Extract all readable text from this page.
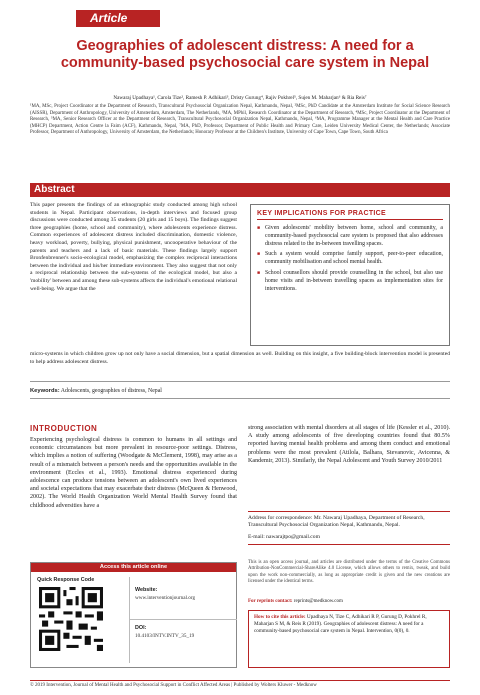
Article
Geographies of adolescent distress: A need for a
community-based psychosocial care system in Nepal
Nawaraj Upadhaya¹, Carola Tize², Ramesh P. Adhikari³, Dristy Gurung⁴, Rajiv Pokhrel⁵, Sujen M. Maharjan⁶ & Ria Reis⁷
¹MA, MSc, Project Coordinator at the Department of Research, Transcultural Psychosocial Organization Nepal, Kathmandu, Nepal, ²MSc, PhD Candidate at the Amsterdam Institute for Social Science Research (AISSR), Department of Anthropology, University of Amsterdam, Amsterdam, The Netherlands, ³MA, MPhil, Research Coordinator at the Department of Research, ⁴MSc, Project Coordinator at the Department of Research, ⁵MA, Senior Research Officer at the Department of Research, Transcultural Psychosocial Organization Nepal, Kathmandu, Nepal, ⁶MA, Programme Manager at the Mental Health and Care Practice (MHCP) Department, Action Centre la Faim (ACF), Kathmandu, Nepal, ⁷MA, PhD, Professor, Department of Public Health and Primary Care, Leiden University Medical Center, the Netherlands; Associate Professor, Department of Anthropology, University of Amsterdam, the Netherlands; Honorary Professor at the Children's Institute, University of Cape Town, Cape Town, South Africa
Abstract
This paper presents the findings of an ethnographic study conducted among high school students in Nepal. Participant observations, in-depth interviews and focused group discussions were conducted among 35 students (20 girls and 15 boys). The findings suggest three geographies (home, school and community), where adolescents experience distress. Common experiences of adolescent distress included discrimination, domestic violence, heavy workload, poverty, bullying, physical punishment, uncooperative behaviour of the parents and teachers and a lack of basic materials. These findings largely support Bronfenbrenner's socio-ecological model, emphasizing the complex reciprocal interactions between the individual and his/her immediate environment. They also suggest that not only a reciprocal relationship between the sub-systems of the ecological model, but also a 'mobility' between and among these sub-systems affects the individual's emotional relational well-being. We argue that the
KEY IMPLICATIONS FOR PRACTICE
■ Given adolescents' mobility between home, school and community, a community-based psychosocial care system is proposed that also addresses distress related to the in-between travelling spaces.
■ Such a system would comprise family support, peer-to-peer education, community mobilisation and school mental health.
■ School counsellors should provide counselling in the school, but also use home visits and in-between travelling spaces as implementation sites for interventions.
micro-systems in which children grow up not only have a social dimension, but a spatial dimension as well. Building on this insight, a five building-block intervention model is presented to help address adolescent distress.
Keywords: Adolescents, geographies of distress, Nepal
INTRODUCTION
Experiencing psychological distress is common to humans in all settings and economic circumstances but more prevalent in resource-poor settings. Distress, which implies a notion of suffering (Woodgate & McClement, 1998), may arise as a result of a mismatch between a person's needs and the opportunities available in the environment (Eccles et al., 1993). Emotional distress experienced during adolescence can produce tensions between an adolescent's own lived experiences and societal expectations that may exacerbate their distress (McQueen & Henwood, 2002). The World Health Organization World Mental Health Survey found that childhood adversities have a
strong association with mental disorders at all stages of life (Kessler et al., 2010). A study among adolescents of five developing countries found that 80.5% reported having mental health problems and among them conduct and emotional problems were the most prevalent (Atilola, Balhara, Stevanovic, Avicenna, & Kandemir, 2013). Similarly, the Nepal Adolescent and Youth Survey 2010/2011
Address for correspondence: Mr. Nawaraj Upadhaya, Department of Research, Transcultural Psychosocial Organization Nepal, Kathmandu, Nepal.
E-mail: nawarajtpo@gmail.com
This is an open access journal, and articles are distributed under the terms of the Creative Commons Attribution-NonCommercial-ShareAlike 4.0 License, which allows others to remix, tweak, and build upon the work non-commercially, as long as appropriate credit is given and the new creations are licensed under the identical terms.
For reprints contact: reprints@medknow.com
How to cite this article: Upadhaya N, Tize C, Adhikari R P, Gurung D, Pokhrel R, Maharjan S M, & Reis R (2019). Geographies of adolescent distress: A need for a community-based psychosocial care system in Nepal. Intervention, 0(0), 0.
Access this article online
Quick Response Code
Website:
www.interventionjournal.org
DOI:
10.4103/INTV.INTV_35_19
© 2019 Intervention, Journal of Mental Health and Psychosocial Support in Conflict Affected Areas | Published by Wolters Kluwer - Medknow
